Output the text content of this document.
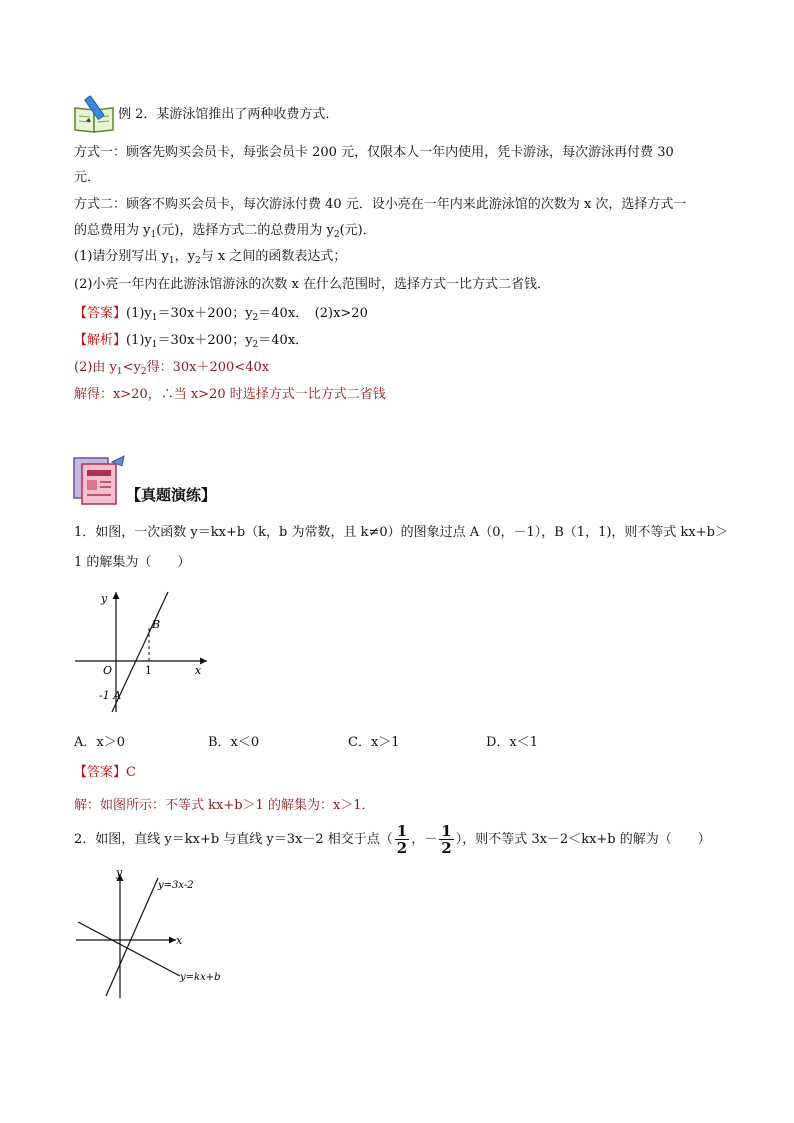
例 2．某游泳馆推出了两种收费方式．
方式一：顾客先购买会员卡，每张会员卡 200 元，仅限本人一年内使用，凭卡游泳，每次游泳再付费 30
元．
方式二：顾客不购买会员卡，每次游泳付费 40 元．设小亮在一年内来此游泳馆的次数为 x 次，选择方式一
的总费用为 $y_1$(元)，选择方式二的总费用为 $y_2$(元)．
(1)请分别写出 $y_1$，$y_2$与 x 之间的函数表达式；
(2)小亮一年内在此游泳馆游泳的次数 x 在什么范围时，选择方式一比方式二省钱．
【答案】$(1)y_1=30x+200$；$y_2=40x$．　(2)x>20
【解析】$(1)y_1=30x+200$；$y_2=40x$．
(2)由 $y_1<y_2$得：30x＋200<40x
解得：x>20，∴当 x>20 时选择方式一比方式二省钱
【真题演练】
1．如图，一次函数 y＝kx+b（k，b 为常数，且 k≠0）的图象过点 A（0，－1），B（1，1)，则不等式 kx+b＞
1 的解集为（　　）
y
x
O	1
B
-1 A
A．x＞0	B．x＜0	C．x＞1	D．x＜1
【答案】C
解：如图所示：不等式 kx+b＞1 的解集为：x＞1．
2．如图，直线 y＝kx+b 与直线 y＝3x－2 相交于点（ $\frac{1}{2}$ ，－ $\frac{1}{2}$ ），则不等式 3x－2＜kx+b 的解为（　　）
y
x
y=3x-2
y=kx+b
